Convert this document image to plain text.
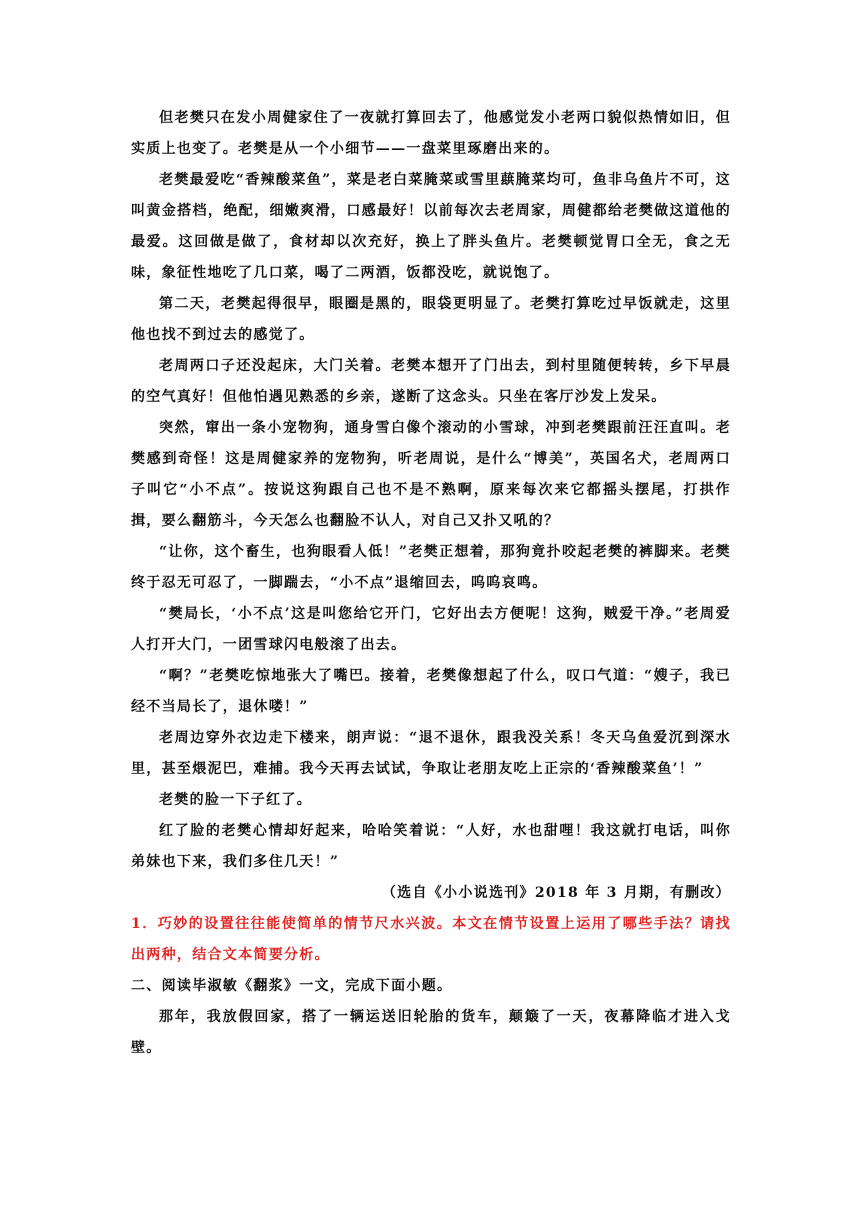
但老樊只在发小周健家住了一夜就打算回去了，他感觉发小老两口貌似热情如旧，但实质上也变了。老樊是从一个小细节——一盘菜里琢磨出来的。

老樊最爱吃“香辣酸菜鱼”，菜是老白菜腌菜或雪里蕻腌菜均可，鱼非乌鱼片不可，这叫黄金搭档，绝配，细嫩爽滑，口感最好！以前每次去老周家，周健都给老樊做这道他的最爱。这回做是做了，食材却以次充好，换上了胖头鱼片。老樊顿觉胃口全无，食之无味，象征性地吃了几口菜，喝了二两酒，饭都没吃，就说饱了。

第二天，老樊起得很早，眼圈是黑的，眼袋更明显了。老樊打算吃过早饭就走，这里他也找不到过去的感觉了。

老周两口子还没起床，大门关着。老樊本想开了门出去，到村里随便转转，乡下早晨的空气真好！但他怕遇见熟悉的乡亲，遂断了这念头。只坐在客厅沙发上发呆。

突然，窜出一条小宠物狗，通身雪白像个滚动的小雪球，冲到老樊跟前汪汪直叫。老樊感到奇怪！这是周健家养的宠物狗，听老周说，是什么“博美”，英国名犬，老周两口子叫它“小不点”。按说这狗跟自己也不是不熟啊，原来每次来它都摇头摆尾，打拱作揖，要么翻筋斗，今天怎么也翻脸不认人，对自己又扑又吼的？

“让你，这个畜生，也狗眼看人低！”老樊正想着，那狗竟扑咬起老樊的裤脚来。老樊终于忍无可忍了，一脚踹去，“小不点”退缩回去，呜呜哀鸣。

“樊局长，‘小不点’这是叫您给它开门，它好出去方便呢！这狗，贼爱干净。”老周爱人打开大门，一团雪球闪电般滚了出去。

“啊？”老樊吃惊地张大了嘴巴。接着，老樊像想起了什么，叹口气道：“嫂子，我已经不当局长了，退休喽！”

老周边穿外衣边走下楼来，朗声说：“退不退休，跟我没关系！冬天乌鱼爱沉到深水里，甚至煨泥巴，难捕。我今天再去试试，争取让老朋友吃上正宗的‘香辣酸菜鱼’！”

老樊的脸一下子红了。

红了脸的老樊心情却好起来，哈哈笑着说：“人好，水也甜哩！我这就打电话，叫你弟妹也下来，我们多住几天！”

（选自《小小说选刊》2018 年 3 月期，有删改）

1．巧妙的设置往往能使简单的情节尺水兴波。本文在情节设置上运用了哪些手法？请找出两种，结合文本简要分析。

二、阅读毕淑敏《翻浆》一文，完成下面小题。

那年，我放假回家，搭了一辆运送旧轮胎的货车，颠簸了一天，夜幕降临才进入戈壁。
